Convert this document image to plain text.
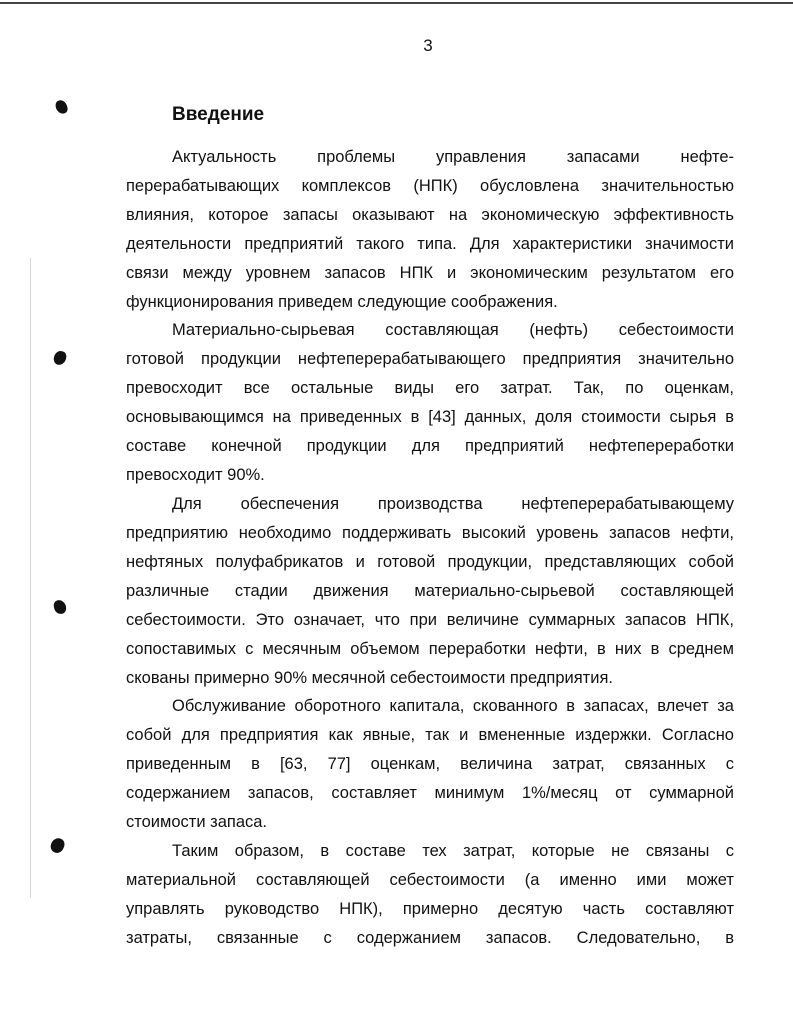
3
Введение
Актуальность проблемы управления запасами нефте-
перерабатывающих комплексов (НПК) обусловлена значительностью
влияния, которое запасы оказывают на экономическую эффективность
деятельности предприятий такого типа. Для характеристики значимости
связи между уровнем запасов НПК и экономическим результатом его
функционирования приведем следующие соображения.
Материально-сырьевая составляющая (нефть) себестоимости
готовой продукции нефтеперерабатывающего предприятия значительно
превосходит все остальные виды его затрат. Так, по оценкам,
основывающимся на приведенных в [43] данных, доля стоимости сырья в
составе конечной продукции для предприятий нефтепереработки
превосходит 90%.
Для обеспечения производства нефтеперерабатывающему
предприятию необходимо поддерживать высокий уровень запасов нефти,
нефтяных полуфабрикатов и готовой продукции, представляющих собой
различные стадии движения материально-сырьевой составляющей
себестоимости. Это означает, что при величине суммарных запасов НПК,
сопоставимых с месячным объемом переработки нефти, в них в среднем
скованы примерно 90% месячной себестоимости предприятия.
Обслуживание оборотного капитала, скованного в запасах, влечет за
собой для предприятия как явные, так и вмененные издержки. Согласно
приведенным в [63, 77] оценкам, величина затрат, связанных с
содержанием запасов, составляет минимум 1%/месяц от суммарной
стоимости запаса.
Таким образом, в составе тех затрат, которые не связаны с
материальной составляющей себестоимости (а именно ими может
управлять руководство НПК), примерно десятую часть составляют
затраты, связанные с содержанием запасов. Следовательно, в
